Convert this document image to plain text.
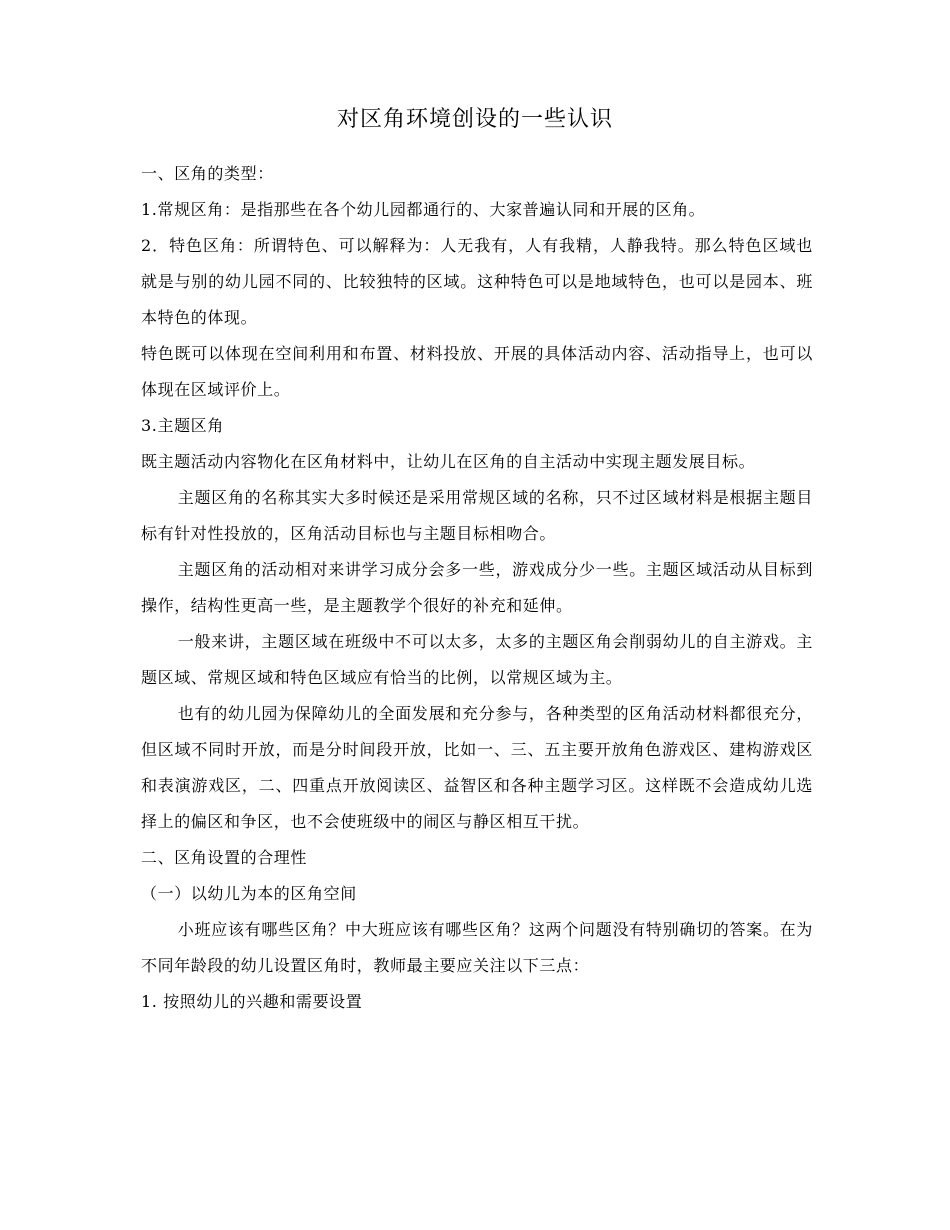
对区角环境创设的一些认识

一、区角的类型：

1.常规区角：是指那些在各个幼儿园都通行的、大家普遍认同和开展的区角。

2．特色区角：所谓特色、可以解释为：人无我有，人有我精，人静我特。那么特色区域也就是与别的幼儿园不同的、比较独特的区域。这种特色可以是地域特色，也可以是园本、班本特色的体现。

特色既可以体现在空间利用和布置、材料投放、开展的具体活动内容、活动指导上，也可以体现在区域评价上。

3.主题区角

既主题活动内容物化在区角材料中，让幼儿在区角的自主活动中实现主题发展目标。

主题区角的名称其实大多时候还是采用常规区域的名称，只不过区域材料是根据主题目标有针对性投放的，区角活动目标也与主题目标相吻合。

主题区角的活动相对来讲学习成分会多一些，游戏成分少一些。主题区域活动从目标到操作，结构性更高一些，是主题教学个很好的补充和延伸。

一般来讲，主题区域在班级中不可以太多，太多的主题区角会削弱幼儿的自主游戏。主题区域、常规区域和特色区域应有恰当的比例，以常规区域为主。

也有的幼儿园为保障幼儿的全面发展和充分参与，各种类型的区角活动材料都很充分，但区域不同时开放，而是分时间段开放，比如一、三、五主要开放角色游戏区、建构游戏区和表演游戏区，二、四重点开放阅读区、益智区和各种主题学习区。这样既不会造成幼儿选择上的偏区和争区，也不会使班级中的闹区与静区相互干扰。

二、区角设置的合理性

（一）以幼儿为本的区角空间

小班应该有哪些区角？中大班应该有哪些区角？这两个问题没有特别确切的答案。在为不同年龄段的幼儿设置区角时，教师最主要应关注以下三点：

1. 按照幼儿的兴趣和需要设置
